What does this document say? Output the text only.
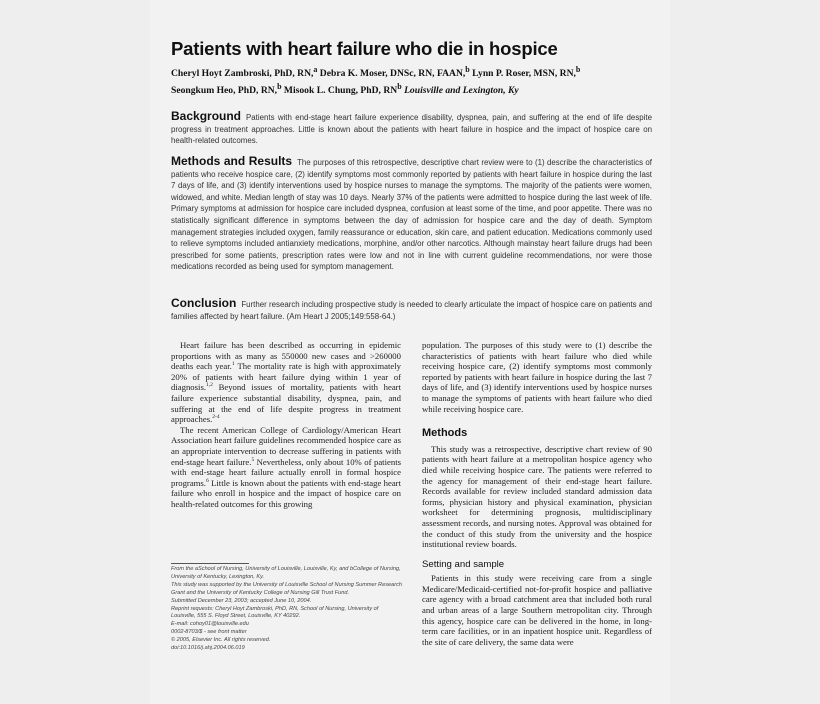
Patients with heart failure who die in hospice
Cheryl Hoyt Zambroski, PhD, RN,$^a$ Debra K. Moser, DNSc, RN, FAAN,$^b$ Lynn P. Roser, MSN, RN,$^b$
Seongkum Heo, PhD, RN,$^b$ Misook L. Chung, PhD, $RN^b$ Louisville and Lexington, Ky
Background Patients with end-stage heart failure experience disability, dyspnea, pain, and suffering at the end of life despite progress in treatment approaches. Little is known about the patients with heart failure in hospice and the impact of hospice care on health-related outcomes.
Methods and Results The purposes of this retrospective, descriptive chart review were to (1) describe the characteristics of patients who receive hospice care, (2) identify symptoms most commonly reported by patients with heart failure in hospice during the last 7 days of life, and (3) identify interventions used by hospice nurses to manage the symptoms. The majority of the patients were women, widowed, and white. Median length of stay was 10 days. Nearly 37% of the patients were admitted to hospice during the last week of life. Primary symptoms at admission for hospice care included dyspnea, confusion at least some of the time, and poor appetite. There was no statistically significant difference in symptoms between the day of admission for hospice care and the day of death. Symptom management strategies included oxygen, family reassurance or education, skin care, and patient education. Medications commonly used to relieve symptoms included antianxiety medications, morphine, and/or other narcotics. Although mainstay heart failure drugs had been prescribed for some patients, prescription rates were low and not in line with current guideline recommendations, nor were those medications recorded as being used for symptom management.
Conclusion Further research including prospective study is needed to clearly articulate the impact of hospice care on patients and families affected by heart failure. (Am Heart J 2005;149:558-64.)

Heart failure has been described as occurring in epidemic proportions with as many as 550000 new cases and >260000 deaths each year.$^1$ The mortality rate is high with approximately 20% of patients with heart failure dying within 1 year of diagnosis.$^{1,2}$ Beyond issues of mortality, patients with heart failure experience substantial disability, dyspnea, pain, and suffering at the end of life despite progress in treatment approaches.$^{2-4}$

The recent American College of Cardiology/American Heart Association heart failure guidelines recommended hospice care as an appropriate intervention to decrease suffering in patients with end-stage heart failure.$^5$ Nevertheless, only about 10% of patients with end-stage heart failure actually enroll in formal hospice programs.$^6$ Little is known about the patients with end-stage heart failure who enroll in hospice and the impact of hospice care on health-related outcomes for this growing

From the aSchool of Nursing, University of Louisville, Louisville, Ky, and bCollege of Nursing, University of Kentucky, Lexington, Ky.
This study was supported by the University of Louisville School of Nursing Summer Research Grant and the University of Kentucky College of Nursing Gill Trust Fund.
Submitted December 23, 2003; accepted June 10, 2004.
Reprint requests: Cheryl Hoyt Zambroski, PhD, RN, School of Nursing, University of Louisville, 555 S. Floyd Street, Louisville, KY 40292.
E-mail: cohoy01@louisville.edu
0002-8703/$ - see front matter
© 2005, Elsevier Inc. All rights reserved.
doi:10.1016/j.ahj.2004.06.019

population. The purposes of this study were to (1) describe the characteristics of patients with heart failure who died while receiving hospice care, (2) identify symptoms most commonly reported by patients with heart failure in hospice during the last 7 days of life, and (3) identify interventions used by hospice nurses to manage the symptoms of patients with heart failure who died while receiving hospice care.

Methods

This study was a retrospective, descriptive chart review of 90 patients with heart failure at a metropolitan hospice agency who died while receiving hospice care. The patients were referred to the agency for management of their end-stage heart failure. Records available for review included standard admission data forms, physician history and physical examination, physician worksheet for determining prognosis, multidisciplinary assessment records, and nursing notes. Approval was obtained for the conduct of this study from the university and the hospice institutional review boards.

Setting and sample

Patients in this study were receiving care from a single Medicare/Medicaid-certified not-for-profit hospice and palliative care agency with a broad catchment area that included both rural and urban areas of a large Southern metropolitan city. Through this agency, hospice care can be delivered in the home, in long-term care facilities, or in an inpatient hospice unit. Regardless of the site of care delivery, the same data were
